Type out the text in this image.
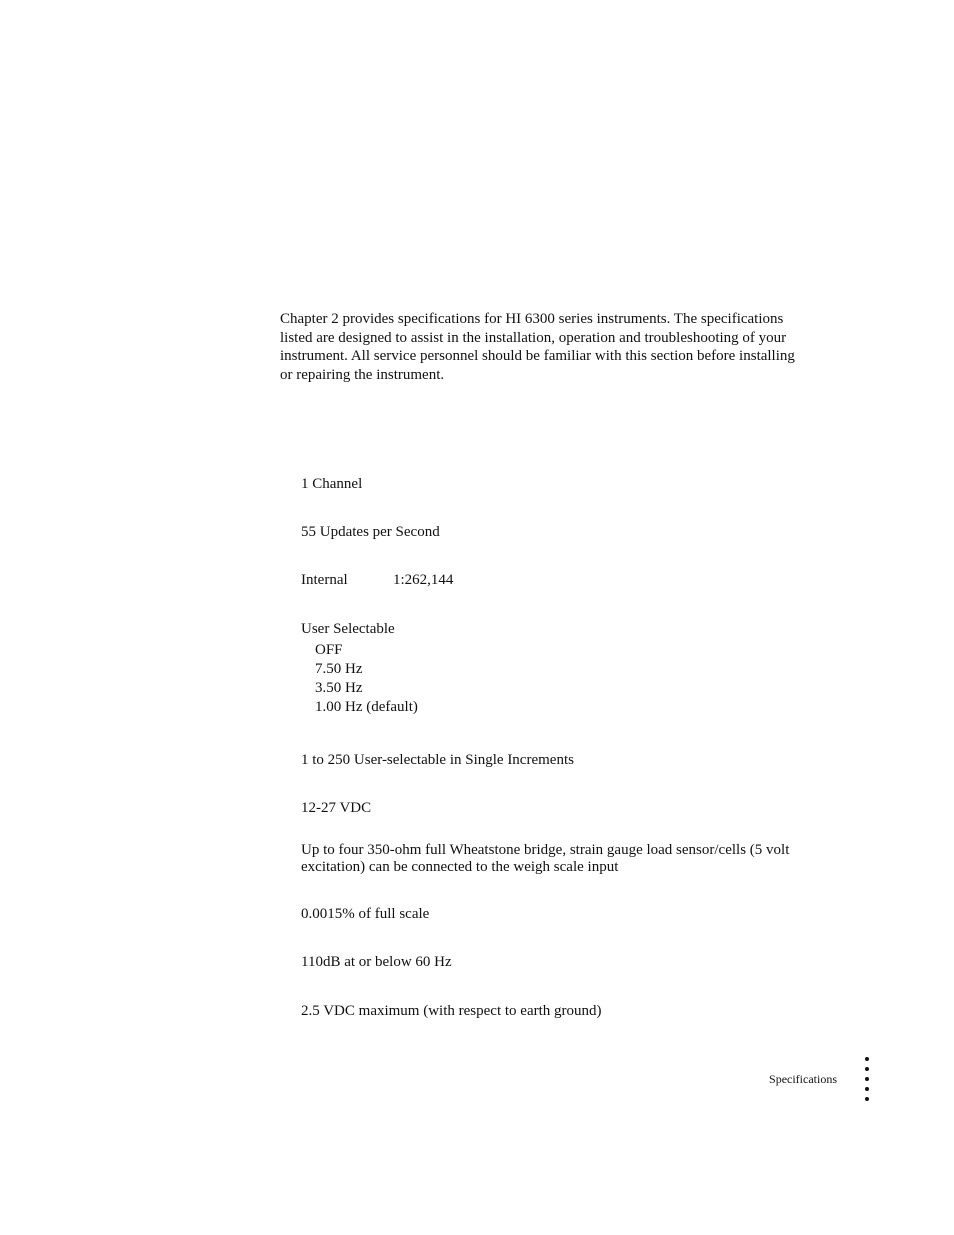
Chapter 2 provides specifications for HI 6300 series instruments. The specifications
listed are designed to assist in the installation, operation and troubleshooting of your
instrument. All service personnel should be familiar with this section before installing
or repairing the instrument.
1 Channel
55 Updates per Second
Internal	1:262,144
User Selectable
OFF
7.50 Hz
3.50 Hz
1.00 Hz (default)
1 to 250 User-selectable in Single Increments
12-27 VDC
Up to four 350-ohm full Wheatstone bridge, strain gauge load sensor/cells (5 volt
excitation) can be connected to the weigh scale input
0.0015% of full scale
110dB at or below 60 Hz
2.5 VDC maximum (with respect to earth ground)
Specifications
